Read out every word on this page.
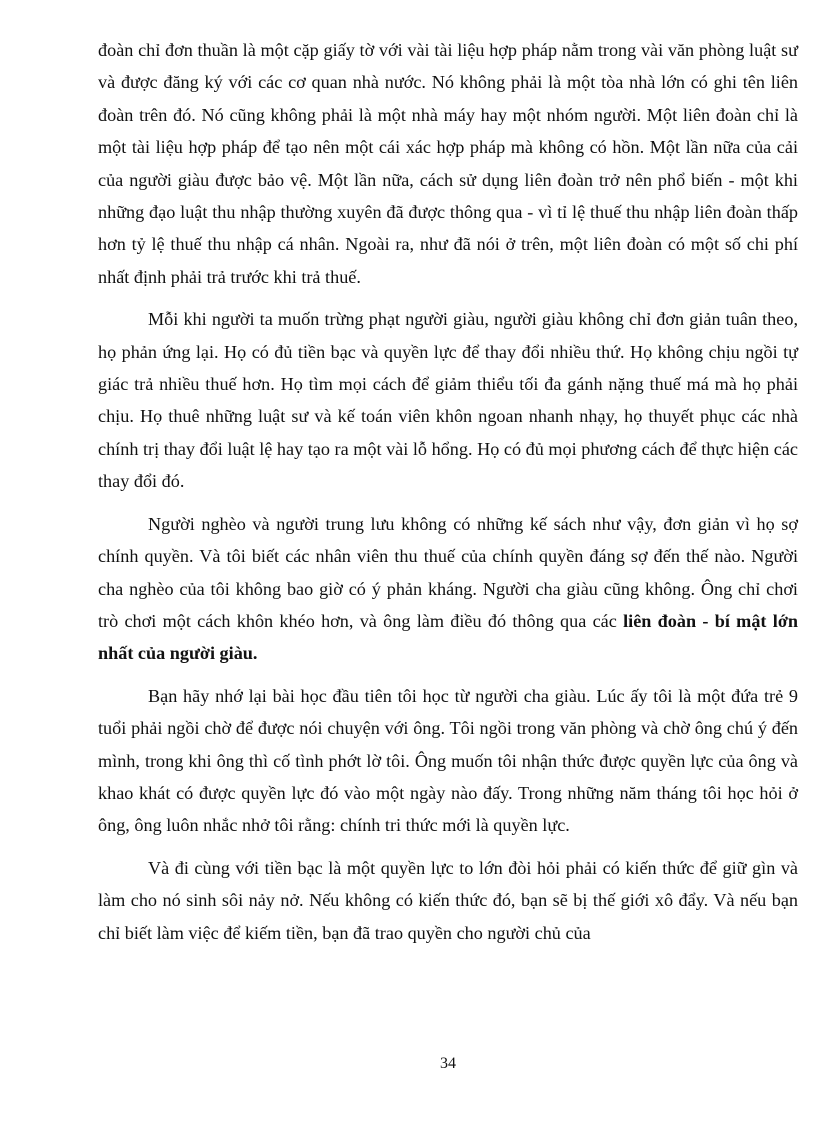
đoàn chỉ đơn thuần là một cặp giấy tờ với vài tài liệu hợp pháp nằm trong vài văn phòng luật sư và được đăng ký với các cơ quan nhà nước. Nó không phải là một tòa nhà lớn có ghi tên liên đoàn trên đó. Nó cũng không phải là một nhà máy hay một nhóm người. Một liên đoàn chỉ là một tài liệu hợp pháp để tạo nên một cái xác hợp pháp mà không có hồn. Một lần nữa của cải của người giàu được bảo vệ. Một lần nữa, cách sử dụng liên đoàn trở nên phổ biến - một khi những đạo luật thu nhập thường xuyên đã được thông qua - vì tỉ lệ thuế thu nhập liên đoàn thấp hơn tỷ lệ thuế thu nhập cá nhân. Ngoài ra, như đã nói ở trên, một liên đoàn có một số chi phí nhất định phải trả trước khi trả thuế.

Mỗi khi người ta muốn trừng phạt người giàu, người giàu không chỉ đơn giản tuân theo, họ phản ứng lại. Họ có đủ tiền bạc và quyền lực để thay đổi nhiều thứ. Họ không chịu ngồi tự giác trả nhiều thuế hơn. Họ tìm mọi cách để giảm thiểu tối đa gánh nặng thuế má mà họ phải chịu. Họ thuê những luật sư và kế toán viên khôn ngoan nhanh nhạy, họ thuyết phục các nhà chính trị thay đổi luật lệ hay tạo ra một vài lỗ hổng. Họ có đủ mọi phương cách để thực hiện các thay đổi đó.

Người nghèo và người trung lưu không có những kế sách như vậy, đơn giản vì họ sợ chính quyền. Và tôi biết các nhân viên thu thuế của chính quyền đáng sợ đến thế nào. Người cha nghèo của tôi không bao giờ có ý phản kháng. Người cha giàu cũng không. Ông chỉ chơi trò chơi một cách khôn khéo hơn, và ông làm điều đó thông qua các liên đoàn - bí mật lớn nhất của người giàu.

Bạn hãy nhớ lại bài học đầu tiên tôi học từ người cha giàu. Lúc ấy tôi là một đứa trẻ 9 tuổi phải ngồi chờ để được nói chuyện với ông. Tôi ngồi trong văn phòng và chờ ông chú ý đến mình, trong khi ông thì cố tình phớt lờ tôi. Ông muốn tôi nhận thức được quyền lực của ông và khao khát có được quyền lực đó vào một ngày nào đấy. Trong những năm tháng tôi học hỏi ở ông, ông luôn nhắc nhở tôi rằng: chính tri thức mới là quyền lực.

Và đi cùng với tiền bạc là một quyền lực to lớn đòi hỏi phải có kiến thức để giữ gìn và làm cho nó sinh sôi nảy nở. Nếu không có kiến thức đó, bạn sẽ bị thế giới xô đẩy. Và nếu bạn chỉ biết làm việc để kiếm tiền, bạn đã trao quyền cho người chủ của

34
